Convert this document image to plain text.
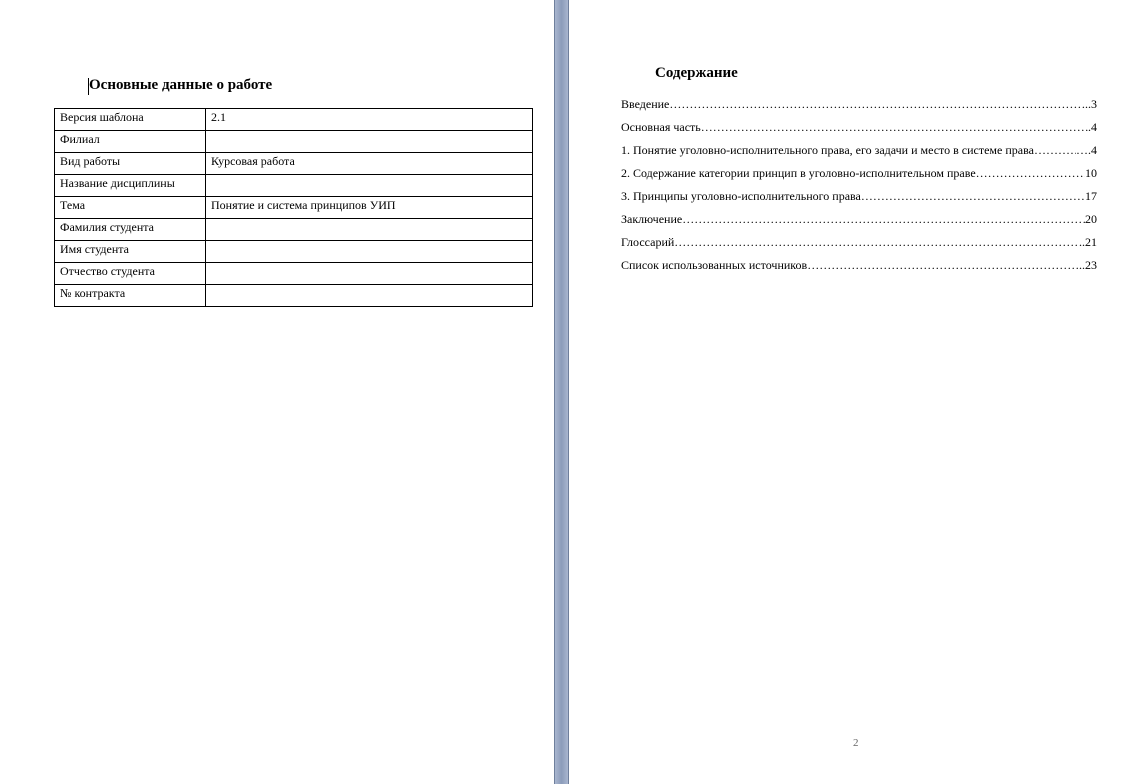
Основные данные о работе
Версия шаблона	2.1
Филиал	
Вид работы	Курсовая работа
Название дисциплины	
Тема	Понятие и система принципов УИП
Фамилия студента	
Имя студента	
Отчество студента	
№ контракта	
Содержание
Введение ………………………………………………………………………………………………………………………………………………………	..3
Основная часть ………………………………………………………………………………………………………………………………………………………	.4
1. Понятие уголовно-исполнительного права, его задачи и место в системе права ………………………………………………………………………………………………………………………………………………………	….4
2. Содержание категории принцип в уголовно-исполнительном праве ………………………………………………………………………………………………………………………………………………………	10
3. Принципы уголовно-исполнительного права ………………………………………………………………………………………………………………………………………………………	17
Заключение ………………………………………………………………………………………………………………………………………………………	20
Глоссарий ………………………………………………………………………………………………………………………………………………………	..21
Список использованных источников ………………………………………………………………………………………………………………………………………………………	..23
2
